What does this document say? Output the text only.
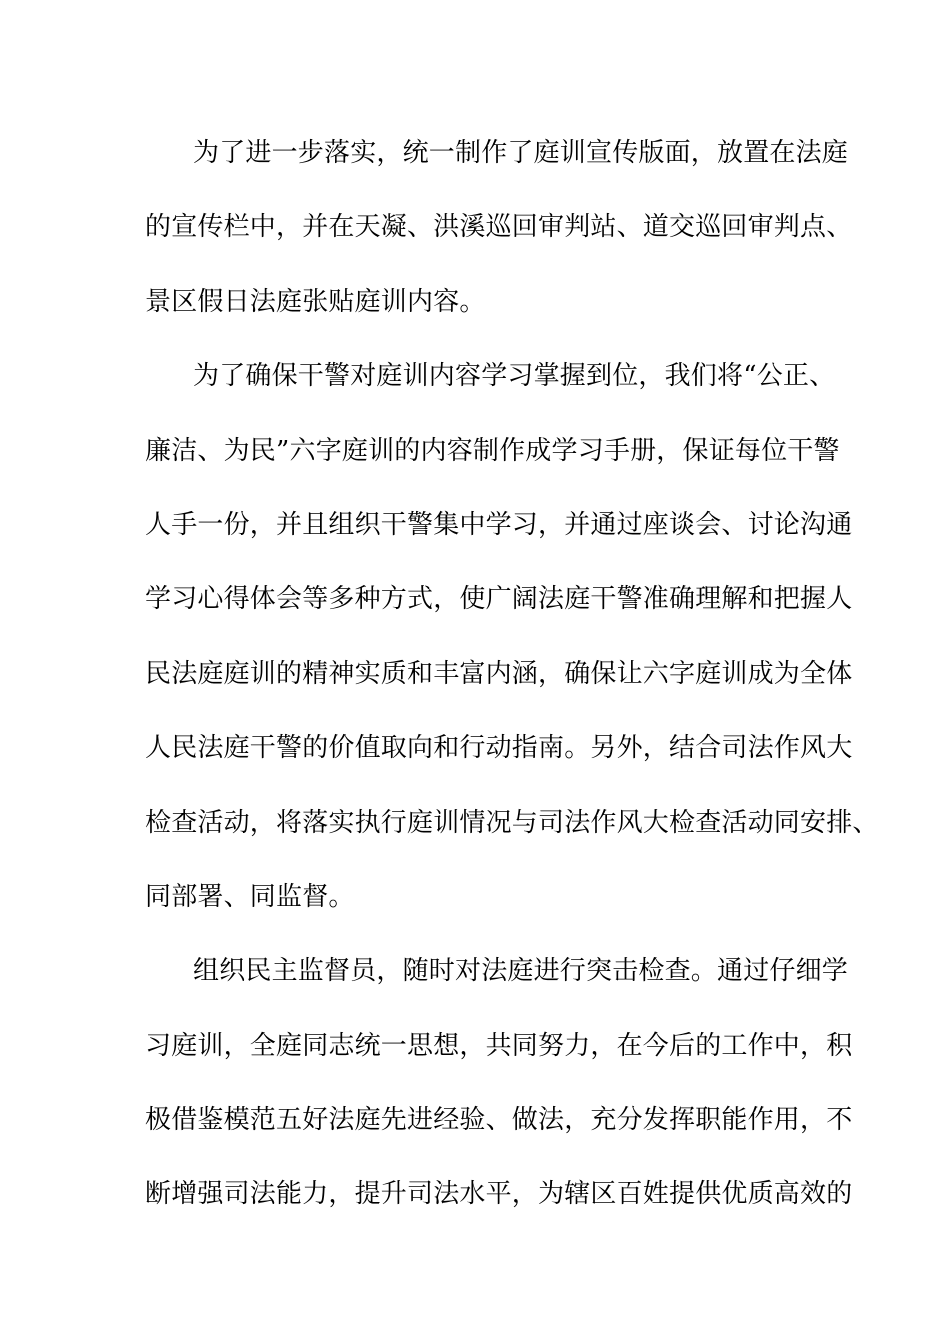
为了进一步落实，统一制作了庭训宣传版面，放置在法庭
的宣传栏中，并在天凝、洪溪巡回审判站、道交巡回审判点、
景区假日法庭张贴庭训内容。
为了确保干警对庭训内容学习掌握到位，我们将“公正、
廉洁、为民”六字庭训的内容制作成学习手册，保证每位干警
人手一份，并且组织干警集中学习，并通过座谈会、讨论沟通
学习心得体会等多种方式，使广阔法庭干警准确理解和把握人
民法庭庭训的精神实质和丰富内涵，确保让六字庭训成为全体
人民法庭干警的价值取向和行动指南。另外，结合司法作风大
检查活动，将落实执行庭训情况与司法作风大检查活动同安排、
同部署、同监督。
组织民主监督员，随时对法庭进行突击检查。通过仔细学
习庭训，全庭同志统一思想，共同努力，在今后的工作中，积
极借鉴模范五好法庭先进经验、做法，充分发挥职能作用，不
断增强司法能力，提升司法水平，为辖区百姓提供优质高效的
